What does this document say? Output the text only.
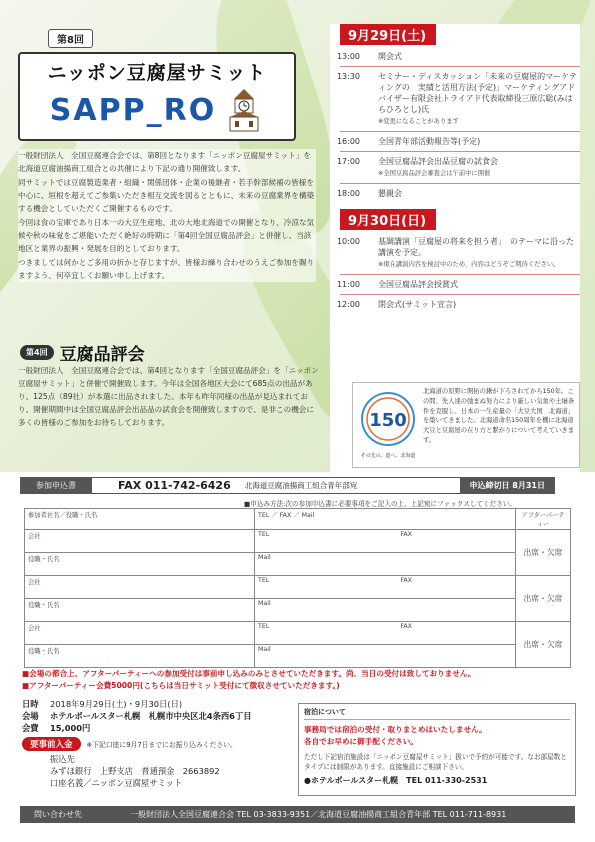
第8回
ニッポン豆腐屋サミット
SAPP_RO

一般財団法人　全国豆腐連合会では、第8回となります「ニッポン豆腐屋サミット」を北海道豆腐油揚商工組合との共催により下記の通り開催致します。

同サミットでは豆腐製造業者・組織・関係団体・企業の後継者・若手幹部候補の皆様を中心に、垣根を超えてご参集いただき相互交流を図るとともに、未来の豆腐業界を構築する機会としていただくご開催するものです。

今回は食の宝庫であり日本一の大豆生産地、北の大地北海道での開催となり、冷涼な気候や秋の味覚をご堪能いただく絶好の時期に「第4回全国豆腐品評会」と併催し、当該地区と業界の振興・発展を目的としております。

つきましては何かとご多用の折かと存じますが、皆様お繰り合わせのうえご参加を賜りますよう、何卒宜しくお願い申し上げます。

第4回 豆腐品評会

一般財団法人　全国豆腐連合会では、第4回となります「全国豆腐品評会」を「ニッポン豆腐屋サミット」と併催で開催致します。今年は全国各地区大会にて685点の出品があり、125点（89社）が本選に出品されました。本年も昨年同様の出品が見込まれており、開催期間中は全国豆腐品評会出品品の試食会を開催致しますので、是非この機会に多くの皆様のご参加をお待ちしております。

9月29日(土)
13:00	開会式
13:30	セミナー・ディスカッション「未来の豆腐屋的マーケティングの　実績と活用方法(予定)」マーケティングアドバイザー有限会社トライアド代表取締役三原広聡(みはらひろとし)氏
※変更になることがあります
16:00	全国青年部活動報告等(予定)
17:00	全国豆腐品評会出品豆腐の試食会
※全国豆腐品評会審査会は午前中に開催
18:00	懇親会
9月30日(日)
10:00	基調講演「豆腐屋の将来を担う者」　のテーマに沿った講演を予定。
※現在講演内容を検討中のため、内容はどうぞご期待ください。
11:00	全国豆腐品評会授賞式
12:00	閉会式(サミット宣言)
150
その先の、道へ。北海道
北海道の原野に開拓の鍬が下ろされてから150年。この間、先人達の弛まぬ努力により厳しい気象や土壌条件を克服し、日本の一生産量の「大豆大国　北海道」を築いてきました。北海道命名150周年を機に北海道大豆と豆腐屋の在り方と繋がりについて考えていきます。
参加申込書	FAX 011-742-6426 北海道豆腐油揚商工組合青年部宛	申込締切日 8月31日
■申込み方法:次の参加申込書に必要事項をご記入の上、上記宛にファックスしてください。
参加者社名／役職・氏名	TEL ／ FAX ／ Mail	アフターパーティー
会社	TEL FAX	出席・欠席
役職・氏名	Mail	
会社	TEL FAX	出席・欠席
役職・氏名	Mail	
会社	TEL FAX	出席・欠席
役職・氏名	Mail	
■会場の都合上、アフターパーティーへの参加受付は事前申し込みのみとさせていただきます。尚、当日の受付は致しておりません。
■アフターパーティー会費5000円(こちらは当日サミット受付にて徴収させていただきます。)
日時	2018年9月29日(土)・9月30日(日)
会場	ホテルポールスター札幌　札幌市中央区北4条西6丁目
会費	15,000円
要事前入金	※下記口座に9月7日までにお振り込みください。
振込先
みずほ銀行　上野支店　普通預金　2663892
口座名義／ニッポン豆腐屋サミット
宿泊について
事務局では宿泊の受付・取りまとめはいたしません。
各自でお早めに御手配ください。
ただし下記宿泊施設は「ニッポン豆腐屋サミット」扱いで予約が可能です。なお部屋数とタイプには制限があります。直接施設にご相談下さい。
●ホテルポールスター札幌　TEL 011-330-2531
問い合わせ先	一般財団法人全国豆腐連合会 TEL 03-3833-9351／北海道豆腐油揚商工組合青年部 TEL 011-711-8931
